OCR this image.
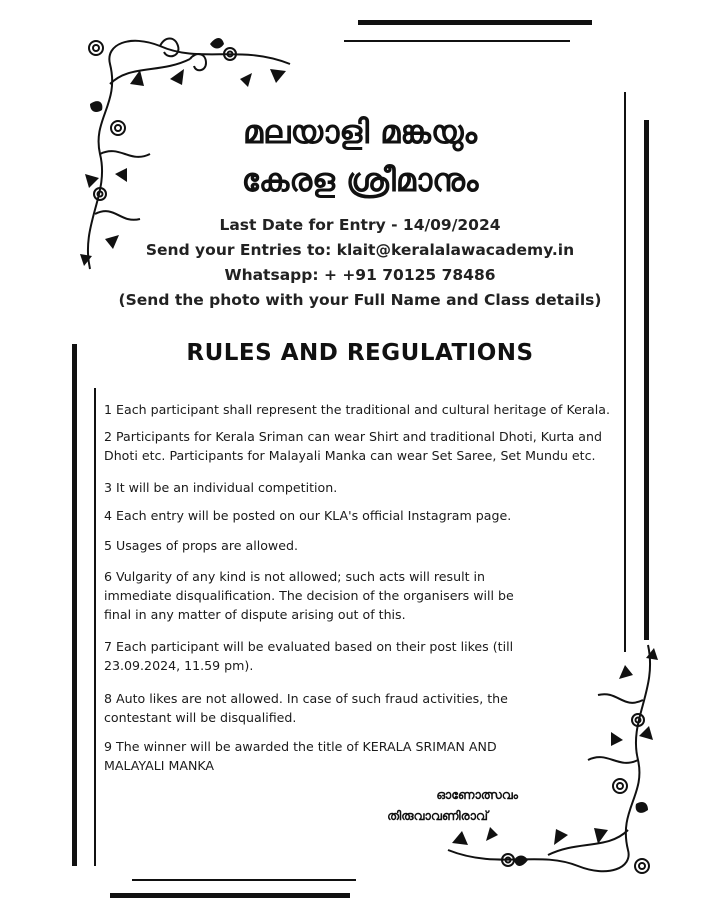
മലയാളി മങ്കയും
കേരള ശ്രീമാനും
Last Date for Entry - 14/09/2024
Send your Entries to: klait@keralalawacademy.in
Whatsapp: + +91 70125 78486
(Send the photo with your Full Name and Class details)
RULES AND REGULATIONS
1 Each participant shall represent the traditional and cultural heritage of Kerala.
2 Participants for Kerala Sriman can wear Shirt and traditional Dhoti, Kurta and Dhoti etc. Participants for Malayali Manka can wear Set Saree, Set Mundu etc.
3 It will be an individual competition.
4 Each entry will be posted on our KLA's official Instagram page.
5 Usages of props are allowed.
6 Vulgarity of any kind is not allowed; such acts will result in immediate disqualification. The decision of the organisers will be final in any matter of dispute arising out of this.
7 Each participant will be evaluated based on their post likes (till 23.09.2024, 11.59 pm).
8 Auto likes are not allowed. In case of such fraud activities, the contestant will be disqualified.
9 The winner will be awarded the title of KERALA SRIMAN AND MALAYALI MANKA
ഓണോത്സവം
തിരുവാവണിരാവ്
